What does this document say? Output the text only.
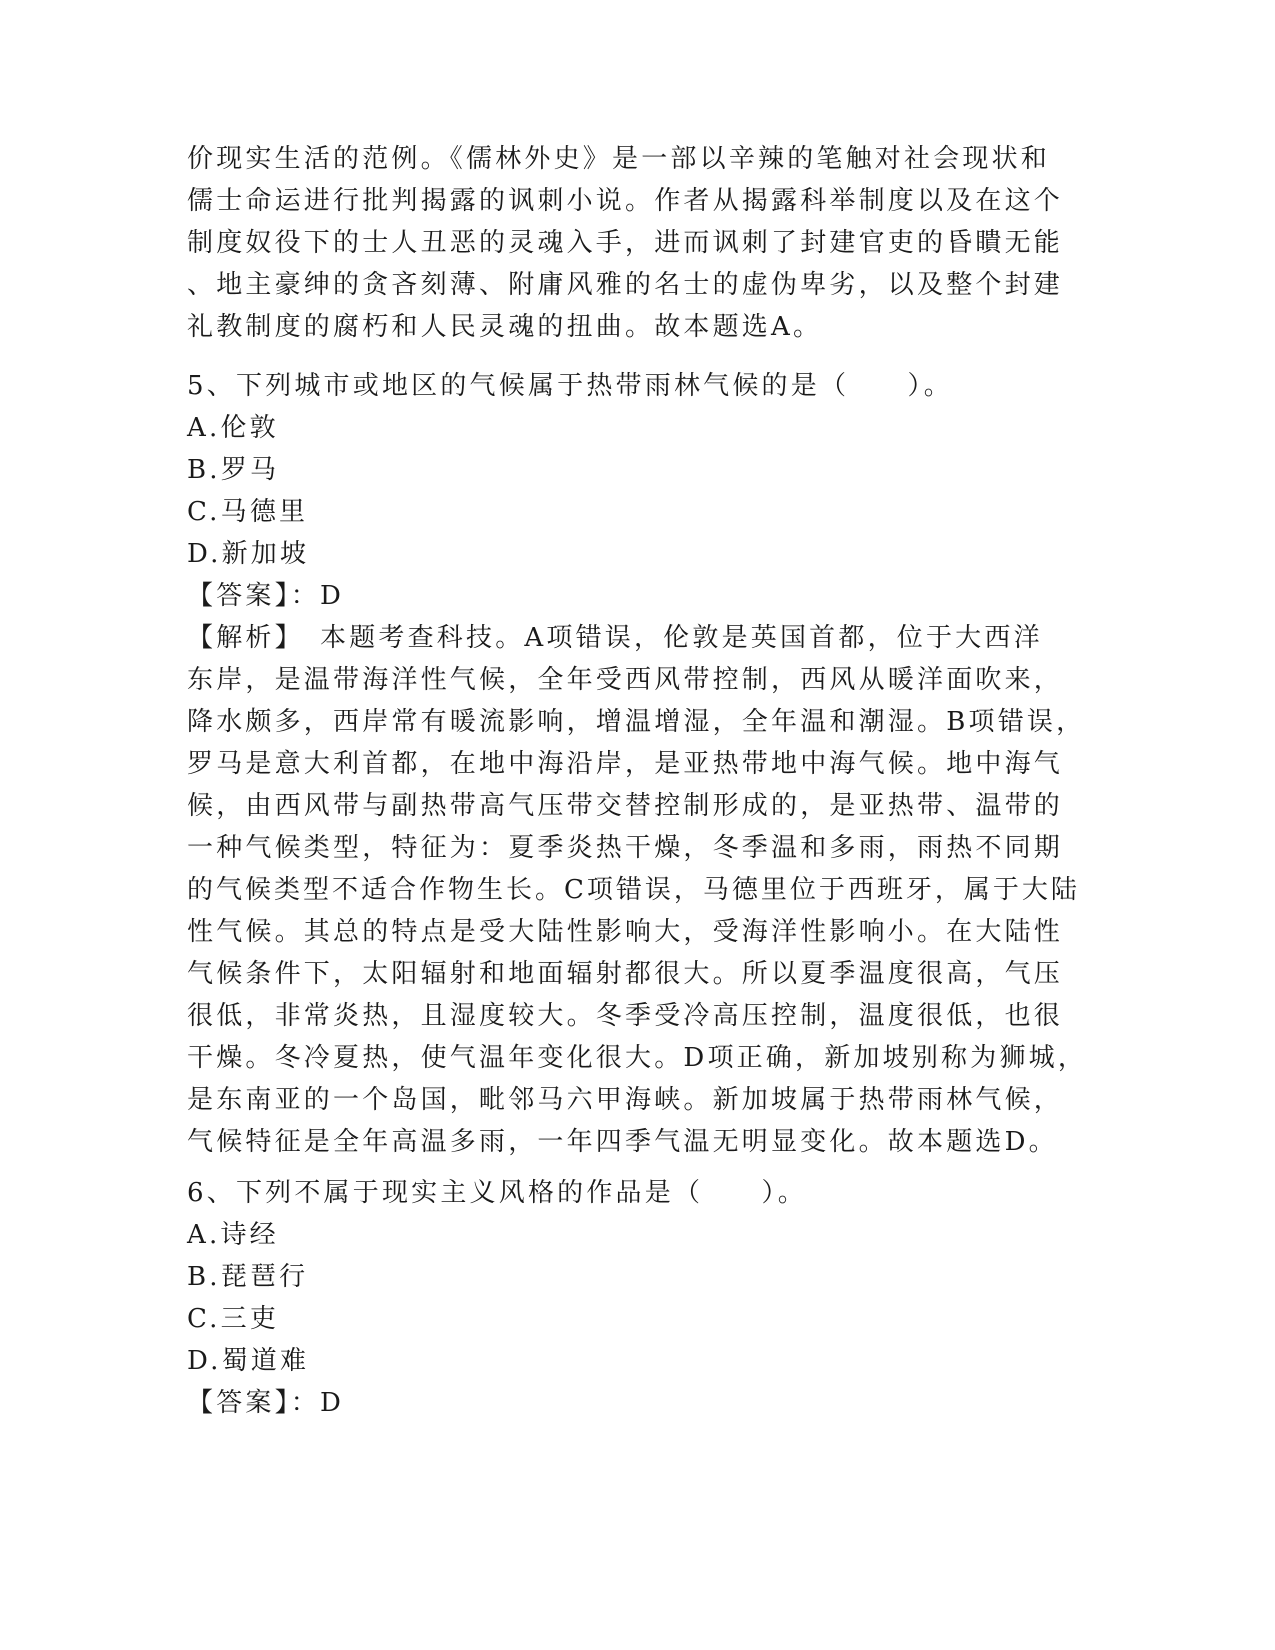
价现实生活的范例。《儒林外史》是一部以辛辣的笔触对社会现状和
儒士命运进行批判揭露的讽刺小说。作者从揭露科举制度以及在这个
制度奴役下的士人丑恶的灵魂入手，进而讽刺了封建官吏的昏瞶无能
、地主豪绅的贪吝刻薄、附庸风雅的名士的虚伪卑劣，以及整个封建
礼教制度的腐朽和人民灵魂的扭曲。故本题选A。
5、下列城市或地区的气候属于热带雨林气候的是（　　）。
A.伦敦
B.罗马
C.马德里
D.新加坡
【答案】：D
【解析】　本题考查科技。A项错误，伦敦是英国首都，位于大西洋
东岸，是温带海洋性气候，全年受西风带控制，西风从暖洋面吹来，
降水颇多，西岸常有暖流影响，增温增湿，全年温和潮湿。B项错误，
罗马是意大利首都，在地中海沿岸，是亚热带地中海气候。地中海气
候，由西风带与副热带高气压带交替控制形成的，是亚热带、温带的
一种气候类型，特征为：夏季炎热干燥，冬季温和多雨，雨热不同期
的气候类型不适合作物生长。C项错误，马德里位于西班牙，属于大陆
性气候。其总的特点是受大陆性影响大，受海洋性影响小。在大陆性
气候条件下，太阳辐射和地面辐射都很大。所以夏季温度很高，气压
很低，非常炎热，且湿度较大。冬季受冷高压控制，温度很低，也很
干燥。冬冷夏热，使气温年变化很大。D项正确，新加坡别称为狮城，
是东南亚的一个岛国，毗邻马六甲海峡。新加坡属于热带雨林气候，
气候特征是全年高温多雨，一年四季气温无明显变化。故本题选D。
6、下列不属于现实主义风格的作品是（　　）。
A.诗经
B.琵琶行
C.三吏
D.蜀道难
【答案】：D
